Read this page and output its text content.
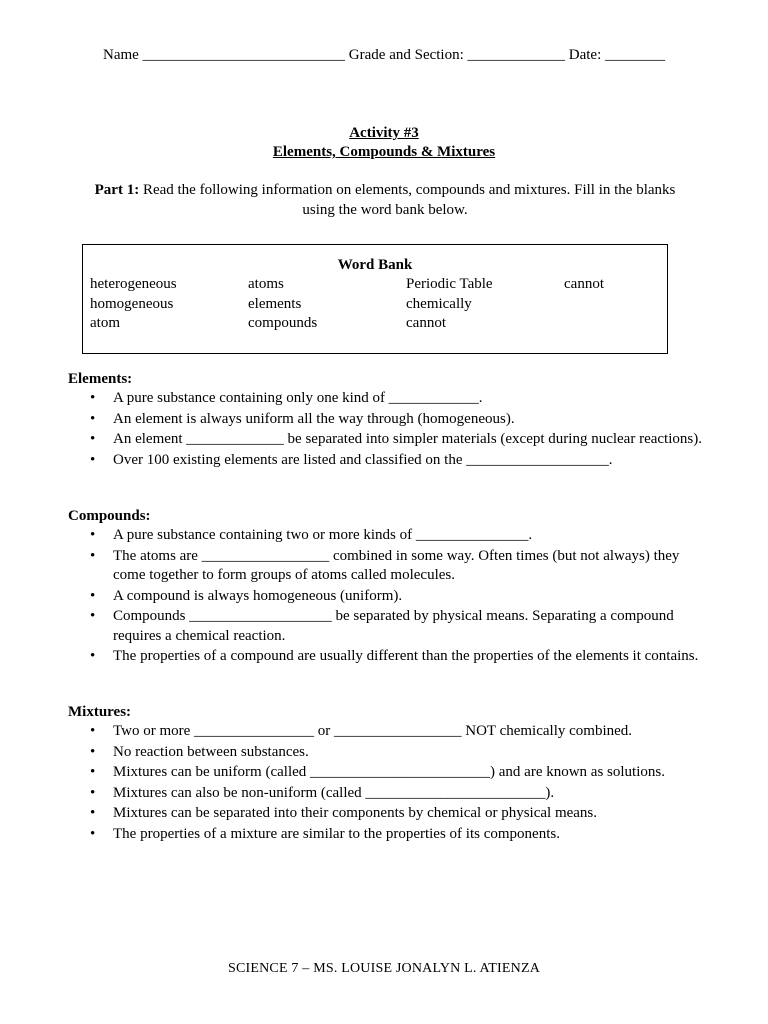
Name ___________________________ Grade and Section: _____________ Date: ________
Activity #3
Elements, Compounds & Mixtures
Part 1: Read the following information on elements, compounds and mixtures. Fill in the blanks using the word bank below.
Word Bank
heterogeneous	atoms	Periodic Table	cannot
homogeneous	elements	chemically
atom	compounds	cannot
Elements:
• A pure substance containing only one kind of ____________.
• An element is always uniform all the way through (homogeneous).
• An element _____________ be separated into simpler materials (except during nuclear reactions).
• Over 100 existing elements are listed and classified on the ___________________.
Compounds:
• A pure substance containing two or more kinds of _______________.
• The atoms are _________________ combined in some way. Often times (but not always) they come together to form groups of atoms called molecules.
• A compound is always homogeneous (uniform).
• Compounds ___________________ be separated by physical means. Separating a compound requires a chemical reaction.
• The properties of a compound are usually different than the properties of the elements it contains.
Mixtures:
• Two or more ________________ or _________________ NOT chemically combined.
• No reaction between substances.
• Mixtures can be uniform (called ________________________) and are known as solutions.
• Mixtures can also be non-uniform (called ________________________).
• Mixtures can be separated into their components by chemical or physical means.
• The properties of a mixture are similar to the properties of its components.
SCIENCE 7 – MS. LOUISE JONALYN L. ATIENZA
